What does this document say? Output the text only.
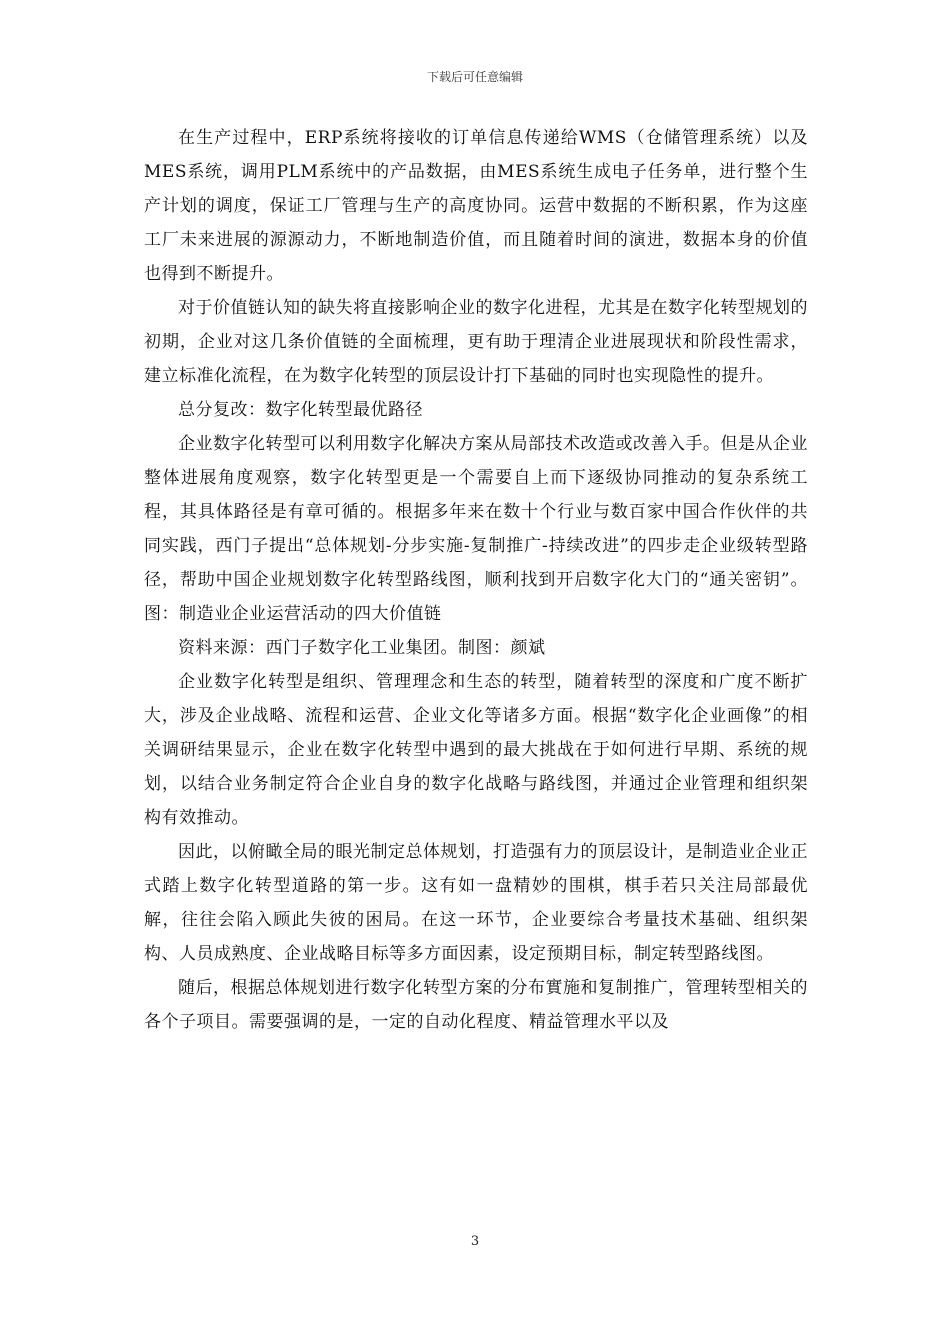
下载后可任意编辑

在生产过程中，ERP系统将接收的订单信息传递给WMS（仓储管理系统）以及MES系统，调用PLM系统中的产品数据，由MES系统生成电子任务单，进行整个生产计划的调度，保证工厂管理与生产的高度协同。运营中数据的不断积累，作为这座工厂未来进展的源源动力，不断地制造价值，而且随着时间的演进，数据本身的价值也得到不断提升。

对于价值链认知的缺失将直接影响企业的数字化进程，尤其是在数字化转型规划的初期，企业对这几条价值链的全面梳理，更有助于理清企业进展现状和阶段性需求，建立标准化流程，在为数字化转型的顶层设计打下基础的同时也实现隐性的提升。

总分复改：数字化转型最优路径

企业数字化转型可以利用数字化解决方案从局部技术改造或改善入手。但是从企业整体进展角度观察，数字化转型更是一个需要自上而下逐级协同推动的复杂系统工程，其具体路径是有章可循的。根据多年来在数十个行业与数百家中国合作伙伴的共同实践，西门子提出“总体规划-分步实施-复制推广-持续改进”的四步走企业级转型路径，帮助中国企业规划数字化转型路线图，顺利找到开启数字化大门的“通关密钥”。图：制造业企业运营活动的四大价值链

资料来源：西门子数字化工业集团。制图：颜斌

企业数字化转型是组织、管理理念和生态的转型，随着转型的深度和广度不断扩大，涉及企业战略、流程和运营、企业文化等诸多方面。根据“数字化企业画像”的相关调研结果显示，企业在数字化转型中遇到的最大挑战在于如何进行早期、系统的规划，以结合业务制定符合企业自身的数字化战略与路线图，并通过企业管理和组织架构有效推动。

因此，以俯瞰全局的眼光制定总体规划，打造强有力的顶层设计，是制造业企业正式踏上数字化转型道路的第一步。这有如一盘精妙的围棋，棋手若只关注局部最优解，往往会陷入顾此失彼的困局。在这一环节，企业要综合考量技术基础、组织架构、人员成熟度、企业战略目标等多方面因素，设定预期目标，制定转型路线图。

随后，根据总体规划进行数字化转型方案的分布實施和复制推广，管理转型相关的各个子项目。需要强调的是，一定的自动化程度、精益管理水平以及

3
